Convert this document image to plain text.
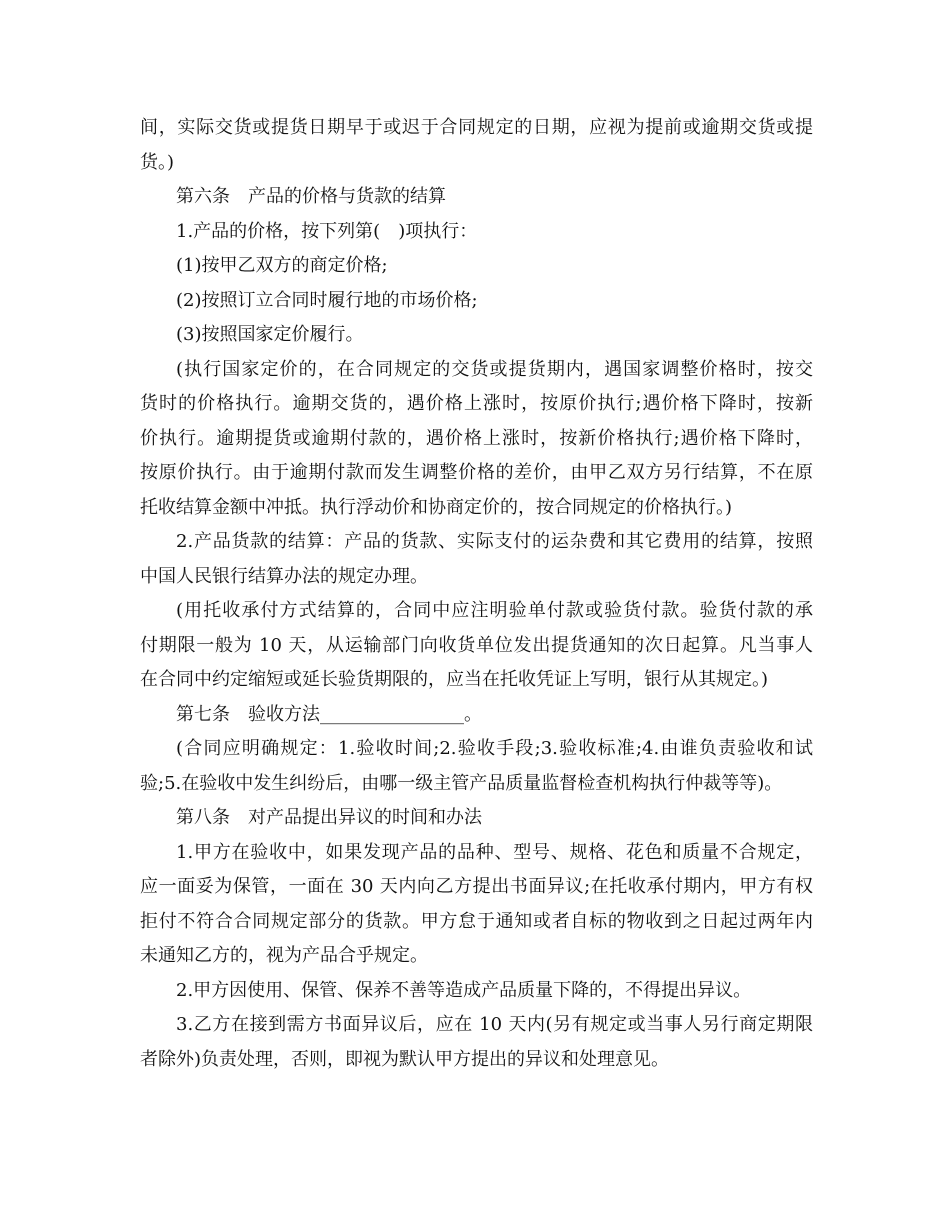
间，实际交货或提货日期早于或迟于合同规定的日期，应视为提前或逾期交货或提
货。)
第六条　产品的价格与货款的结算
1.产品的价格，按下列第(　)项执行：
(1)按甲乙双方的商定价格;
(2)按照订立合同时履行地的市场价格;
(3)按照国家定价履行。
(执行国家定价的，在合同规定的交货或提货期内，遇国家调整价格时，按交
货时的价格执行。逾期交货的，遇价格上涨时，按原价执行;遇价格下降时，按新
价执行。逾期提货或逾期付款的，遇价格上涨时，按新价格执行;遇价格下降时，
按原价执行。由于逾期付款而发生调整价格的差价，由甲乙双方另行结算，不在原
托收结算金额中冲抵。执行浮动价和协商定价的，按合同规定的价格执行。)
2.产品货款的结算：产品的货款、实际支付的运杂费和其它费用的结算，按照
中国人民银行结算办法的规定办理。
(用托收承付方式结算的，合同中应注明验单付款或验货付款。验货付款的承
付期限一般为 10 天，从运输部门向收货单位发出提货通知的次日起算。凡当事人
在合同中约定缩短或延长验货期限的，应当在托收凭证上写明，银行从其规定。)
第七条　验收方法________________。
(合同应明确规定：1.验收时间;2.验收手段;3.验收标准;4.由谁负责验收和试
验;5.在验收中发生纠纷后，由哪一级主管产品质量监督检查机构执行仲裁等等)。
第八条　对产品提出异议的时间和办法
1.甲方在验收中，如果发现产品的品种、型号、规格、花色和质量不合规定，
应一面妥为保管，一面在 30 天内向乙方提出书面异议;在托收承付期内，甲方有权
拒付不符合合同规定部分的货款。甲方怠于通知或者自标的物收到之日起过两年内
未通知乙方的，视为产品合乎规定。
2.甲方因使用、保管、保养不善等造成产品质量下降的，不得提出异议。
3.乙方在接到需方书面异议后，应在 10 天内(另有规定或当事人另行商定期限
者除外)负责处理，否则，即视为默认甲方提出的异议和处理意见。
